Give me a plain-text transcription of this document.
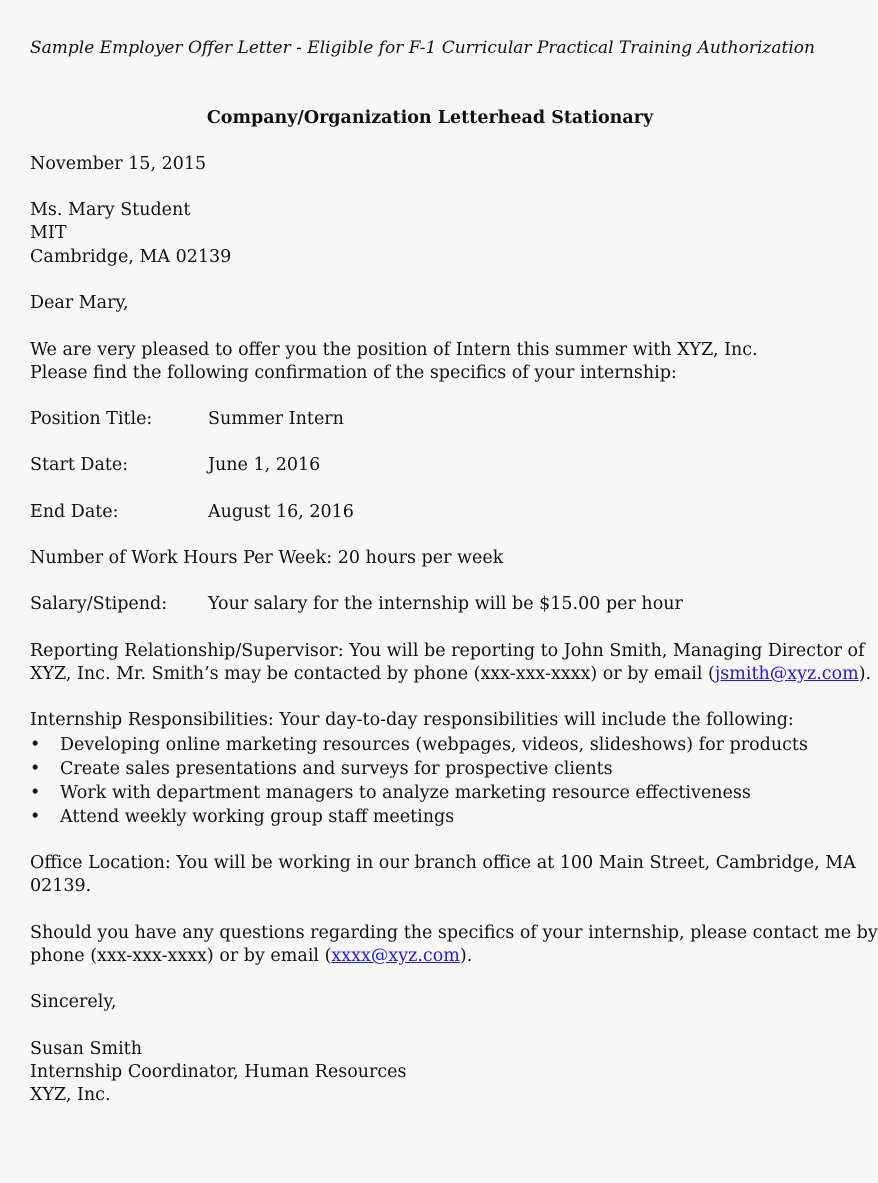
Sample Employer Offer Letter - Eligible for F-1 Curricular Practical Training Authorization
Company/Organization Letterhead Stationary
November 15, 2015
Ms. Mary Student
MIT
Cambridge, MA 02139
Dear Mary,
We are very pleased to offer you the position of Intern this summer with XYZ, Inc.
Please find the following confirmation of the specifics of your internship:
Position Title:	Summer Intern
Start Date:	June 1, 2016
End Date:	August 16, 2016
Number of Work Hours Per Week: 20 hours per week
Salary/Stipend: Your salary for the internship will be $15.00 per hour
Reporting Relationship/Supervisor: You will be reporting to John Smith, Managing Director of
XYZ, Inc. Mr. Smith’s may be contacted by phone (xxx-xxx-xxxx) or by email (jsmith@xyz.com).
Internship Responsibilities: Your day-to-day responsibilities will include the following:
• Developing online marketing resources (webpages, videos, slideshows) for products
• Create sales presentations and surveys for prospective clients
• Work with department managers to analyze marketing resource effectiveness
• Attend weekly working group staff meetings
Office Location: You will be working in our branch office at 100 Main Street, Cambridge, MA
02139.
Should you have any questions regarding the specifics of your internship, please contact me by
phone (xxx-xxx-xxxx) or by email (xxxx@xyz.com).
Sincerely,
Susan Smith
Internship Coordinator, Human Resources
XYZ, Inc.
